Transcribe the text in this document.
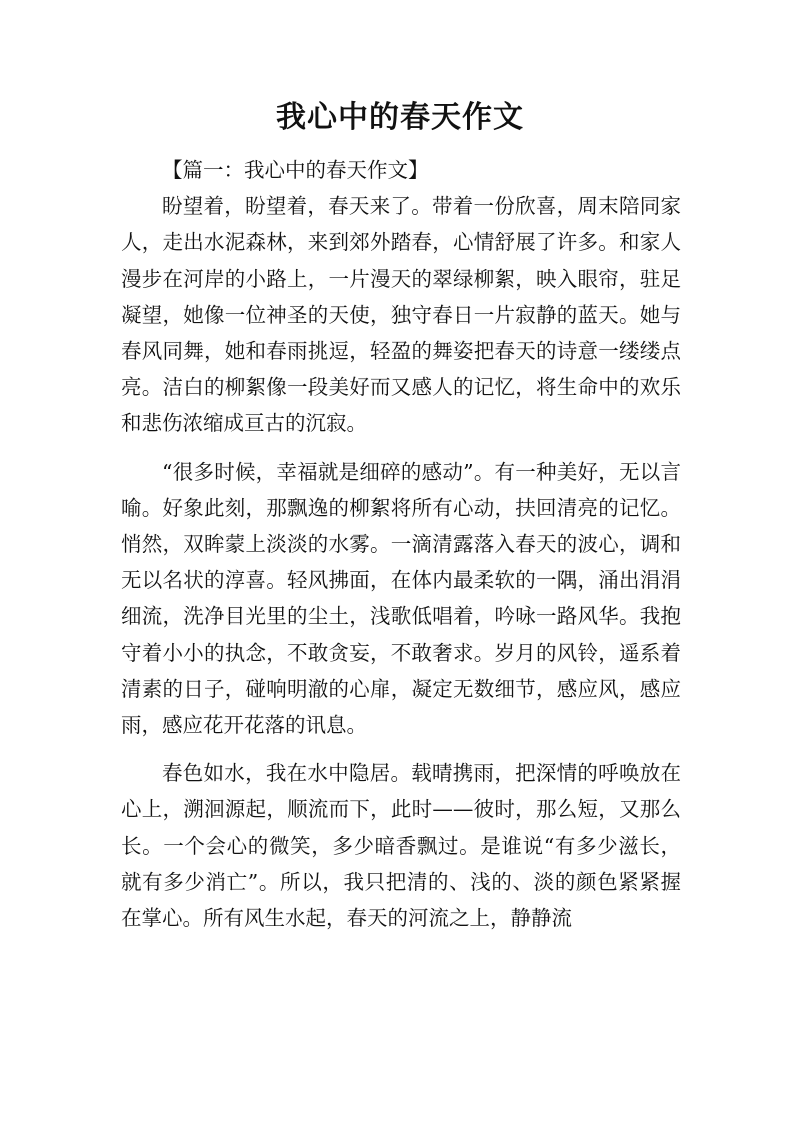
我心中的春天作文

【篇一：我心中的春天作文】

盼望着，盼望着，春天来了。带着一份欣喜，周末陪同家人，走出水泥森林，来到郊外踏春，心情舒展了许多。和家人漫步在河岸的小路上，一片漫天的翠绿柳絮，映入眼帘，驻足凝望，她像一位神圣的天使，独守春日一片寂静的蓝天。她与春风同舞，她和春雨挑逗，轻盈的舞姿把春天的诗意一缕缕点亮。洁白的柳絮像一段美好而又感人的记忆，将生命中的欢乐和悲伤浓缩成亘古的沉寂。

“很多时候，幸福就是细碎的感动”。有一种美好，无以言喻。好象此刻，那飘逸的柳絮将所有心动，扶回清亮的记忆。悄然，双眸蒙上淡淡的水雾。一滴清露落入春天的波心，调和无以名状的淳喜。轻风拂面，在体内最柔软的一隅，涌出涓涓细流，洗净目光里的尘土，浅歌低唱着，吟咏一路风华。我抱守着小小的执念，不敢贪妄，不敢奢求。岁月的风铃，遥系着清素的日子，碰响明澈的心扉，凝定无数细节，感应风，感应雨，感应花开花落的讯息。

春色如水，我在水中隐居。载晴携雨，把深情的呼唤放在心上，溯洄源起，顺流而下，此时——彼时，那么短，又那么长。一个会心的微笑，多少暗香飘过。是谁说“有多少滋长，就有多少消亡”。所以，我只把清的、浅的、淡的颜色紧紧握在掌心。所有风生水起，春天的河流之上，静静流
